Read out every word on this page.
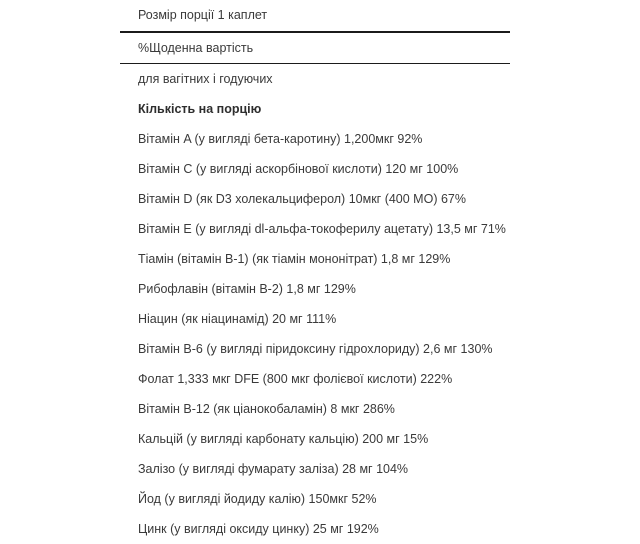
Розмір порції 1 каплет
%Щоденна вартість
для вагітних і годуючих
Кількість на порцію
Вітамін A (у вигляді бета-каротину) 1,200мкг 92%
Вітамін C (у вигляді аскорбінової кислоти) 120 мг 100%
Вітамін D (як D3 холекальциферол) 10мкг (400 МО) 67%
Вітамін E (у вигляді dl-альфа-токоферилу ацетату) 13,5 мг 71%
Тіамін (вітамін B-1) (як тіамін мононітрат) 1,8 мг 129%
Рибофлавін (вітамін B-2) 1,8 мг 129%
Ніацин (як ніацинамід) 20 мг 111%
Вітамін B-6 (у вигляді піридоксину гідрохлориду) 2,6 мг 130%
Фолат 1,333 мкг DFE (800 мкг фолієвої кислоти) 222%
Вітамін B-12 (як ціанокобаламін) 8 мкг 286%
Кальцій (у вигляді карбонату кальцію) 200 мг 15%
Залізо (у вигляді фумарату заліза) 28 мг 104%
Йод (у вигляді йодиду калію) 150мкг 52%
Цинк (у вигляді оксиду цинку) 25 мг 192%
